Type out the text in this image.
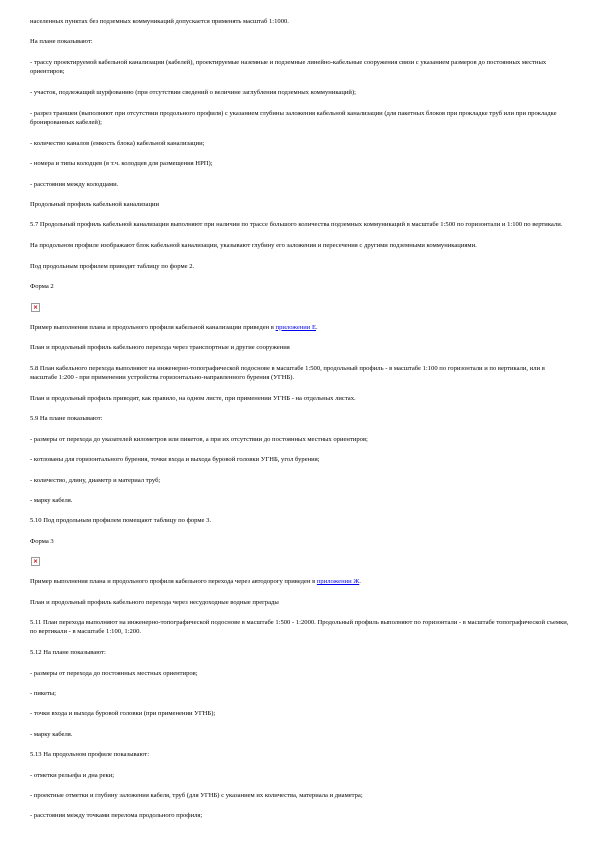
населенных пунктах без подземных коммуникаций допускается применять масштаб 1:1000.
На плане показывают:
- трассу проектируемой кабельной канализации (кабелей), проектируемые наземные и подземные линейно-кабельные сооружения связи с указанием размеров до постоянных местных ориентиров;
- участок, подлежащий шурфованию (при отсутствии сведений о величине заглубления подземных коммуникаций);
- разрез траншеи (выполняют при отсутствии продольного профиля) с указанием глубины заложения кабельной канализации (для пакетных блоков при прокладке труб или при прокладке бронированных кабелей);
- количество каналов (емкость блока) кабельной канализации;
- номера и типы колодцев (в т.ч. колодцев для размещения НРП);
- расстояния между колодцами.
Продольный профиль кабельной канализации
5.7 Продольный профиль кабельной канализации выполняют при наличии по трассе большого количества подземных коммуникаций в масштабе 1:500 по горизонтали и 1:100 по вертикали.
На продольном профиле изображают блок кабельной канализации, указывают глубину его заложения и пересечения с другими подземными коммуникациями.
Под продольным профилем приводят таблицу по форме 2.
Форма 2
×
Пример выполнения плана и продольного профиля кабельной канализации приведен в приложении Е.
План и продольный профиль кабельного перехода через транспортные и другие сооружения
5.8 План кабельного перехода выполняют на инженерно-топографической подоснове в масштабе 1:500, продольный профиль - в масштабе 1:100 по горизонтали и по вертикали, или в масштабе 1:200 - при применении устройства горизонтально-направленного бурения (УГНБ).
План и продольный профиль приводят, как правило, на одном листе, при применении УГНБ - на отдельных листах.
5.9 На плане показывают:
- размеры от перехода до указателей километров или пикетов, а при их отсутствии до постоянных местных ориентиров;
- котлованы для горизонтального бурения, точки входа и выхода буровой головки УГНБ, угол бурения;
- количество, длину, диаметр и материал труб;
- марку кабеля.
5.10 Под продольным профилем помещают таблицу по форме 3.
Форма 3
×
Пример выполнения плана и продольного профиля кабельного перехода через автодорогу приведен в приложении Ж.
План и продольный профиль кабельного перехода через несудоходные водные преграды
5.11 План перехода выполняют на инженерно-топографической подоснове в масштабе 1:500 - 1:2000. Продольный профиль выполняют по горизонтали - в масштабе топографической съемки, по вертикали - в масштабе 1:100, 1:200.
5.12 На плане показывают:
- размеры от перехода до постоянных местных ориентиров;
- пикеты;
- точки входа и выхода буровой головки (при применении УГНБ);
- марку кабеля.
5.13 На продольном профиле показывают:
- отметки рельефа и дна реки;
- проектные отметки и глубину заложения кабеля, труб (для УГНБ) с указанием их количества, материала и диаметра;
- расстояния между точками перелома продольного профиля;
